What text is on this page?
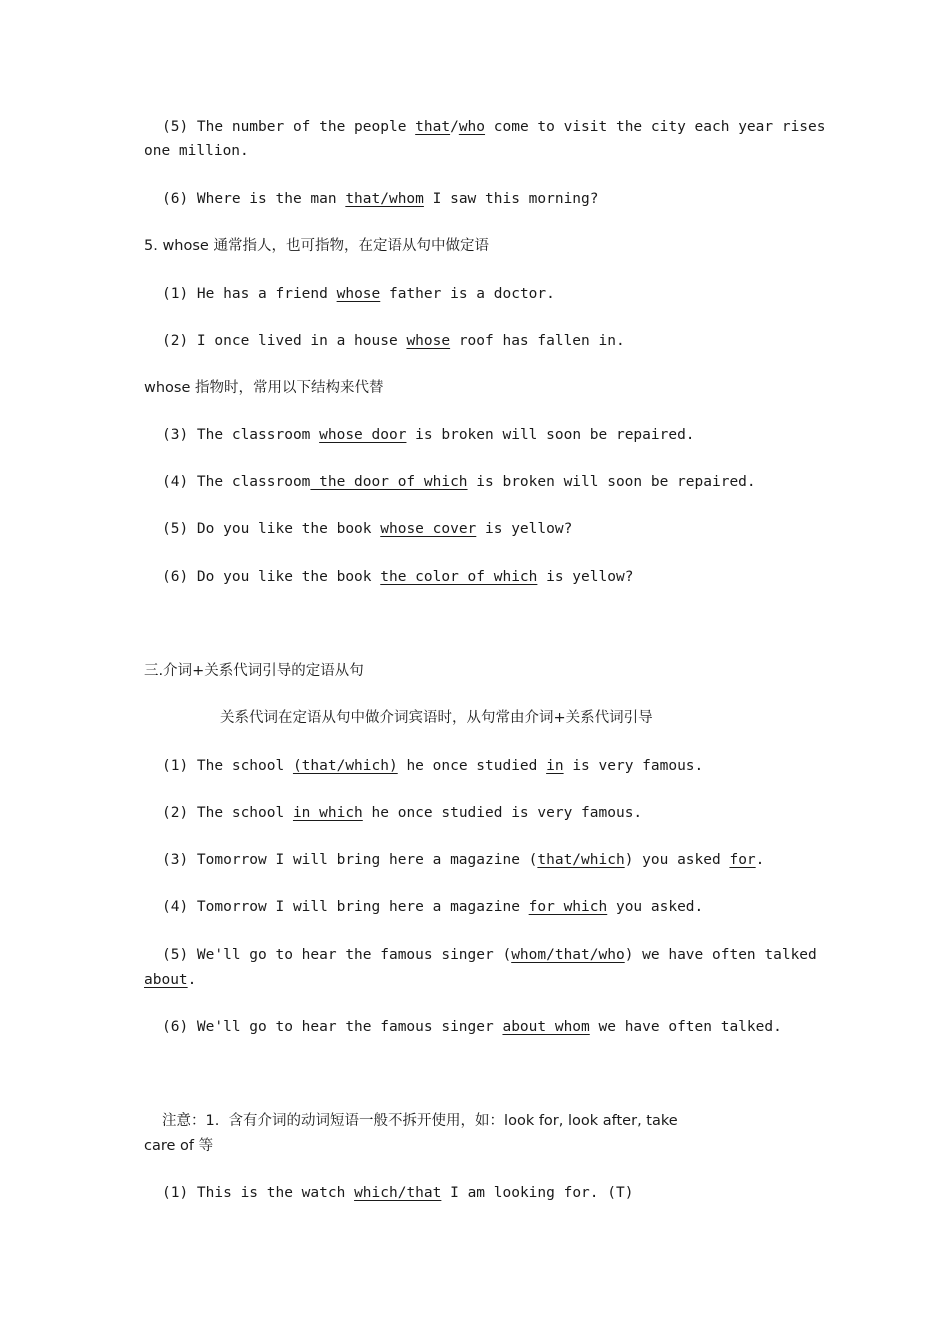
(5) The number of the people that/who come to visit the city each year rises
one million.
(6) Where is the man that/whom I saw this morning?
5. whose 通常指人，也可指物，在定语从句中做定语
(1) He has a friend whose father is a doctor.
(2) I once lived in a house whose roof has fallen in.
whose 指物时，常用以下结构来代替
(3) The classroom whose door is broken will soon be repaired.
(4) The classroom the door of which is broken will soon be repaired.
(5) Do you like the book whose cover is yellow?
(6) Do you like the book the color of which is yellow?
三.介词+关系代词引导的定语从句
关系代词在定语从句中做介词宾语时，从句常由介词+关系代词引导
(1) The school (that/which) he once studied in is very famous.
(2) The school in which he once studied is very famous.
(3) Tomorrow I will bring here a magazine (that/which) you asked for.
(4) Tomorrow I will bring here a magazine for which you asked.
(5) We'll go to hear the famous singer (whom/that/who) we have often talked
about.
(6) We'll go to hear the famous singer about whom we have often talked.
注意：1.  含有介词的动词短语一般不拆开使用，如：look for, look after, take
care of 等
(1) This is the watch which/that I am looking for. (T)
